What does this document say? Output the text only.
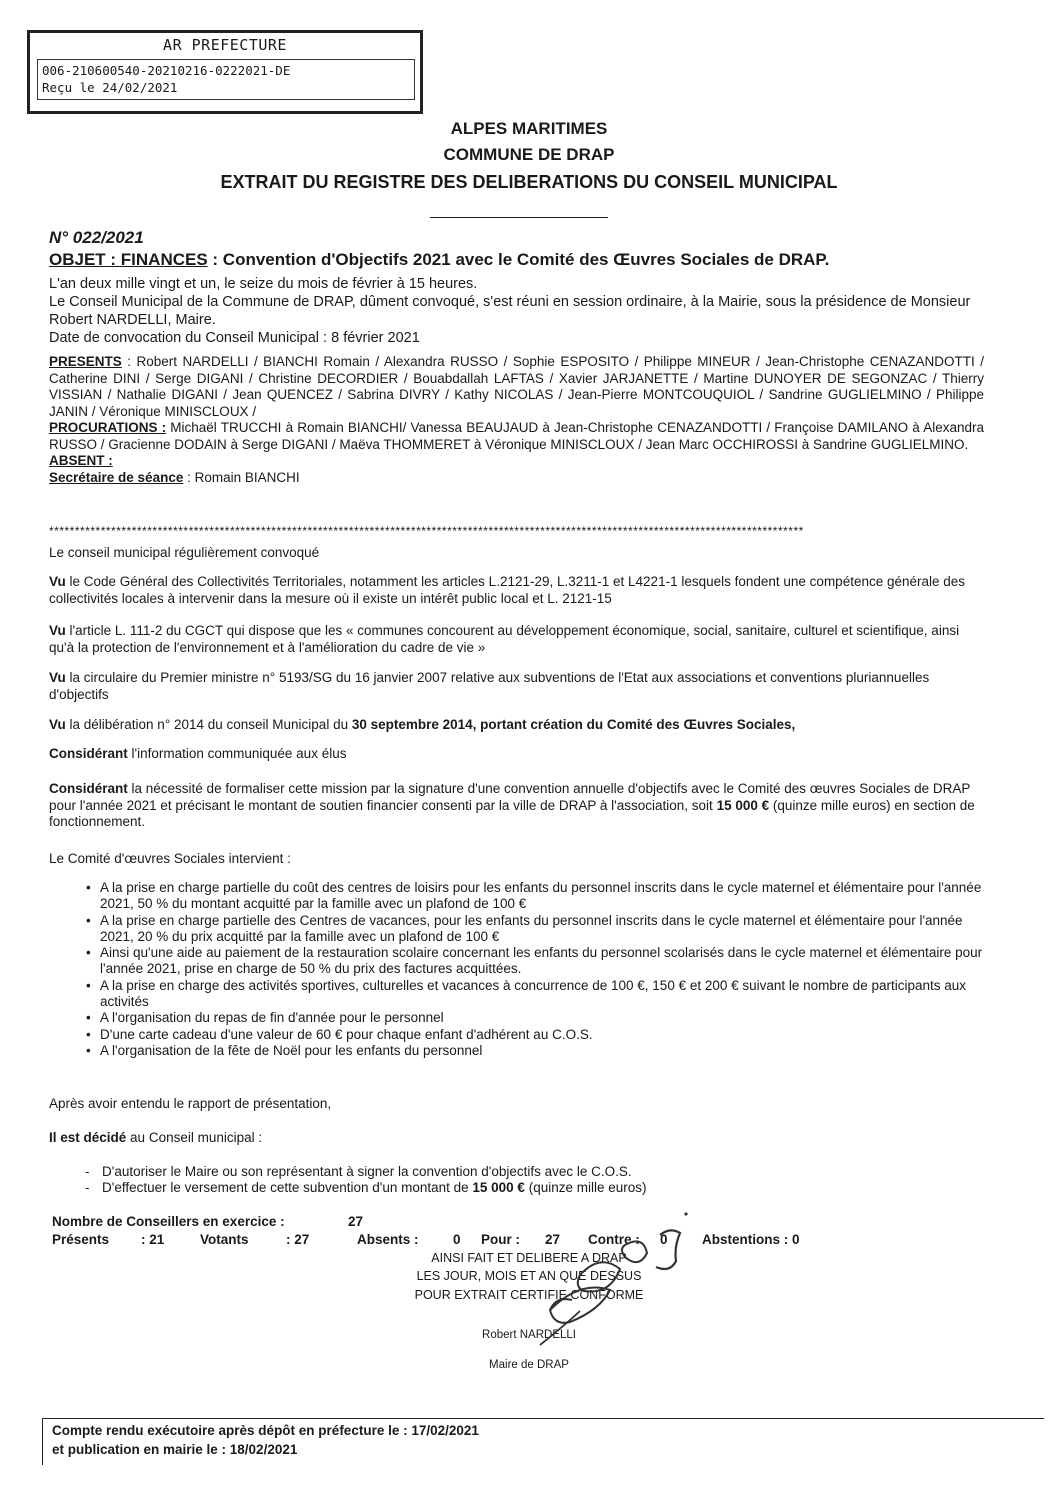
AR PREFECTURE
006-210600540-20210216-0222021-DE
Reçu le 24/02/2021
ALPES MARITIMES
COMMUNE DE DRAP
EXTRAIT DU REGISTRE DES DELIBERATIONS DU CONSEIL MUNICIPAL
N° 022/2021
OBJET : FINANCES : Convention d'Objectifs 2021 avec le Comité des Œuvres Sociales de DRAP.

L'an deux mille vingt et un, le seize du mois de février à 15 heures.

Le Conseil Municipal de la Commune de DRAP, dûment convoqué, s'est réuni en session ordinaire, à la Mairie, sous la présidence de Monsieur Robert NARDELLI, Maire.

Date de convocation du Conseil Municipal : 8 février 2021

PRESENTS : Robert NARDELLI / BIANCHI Romain / Alexandra RUSSO / Sophie ESPOSITO / Philippe MINEUR / Jean-Christophe CENAZANDOTTI / Catherine DINI / Serge DIGANI / Christine DECORDIER / Bouabdallah LAFTAS / Xavier JARJANETTE / Martine DUNOYER DE SEGONZAC / Thierry VISSIAN / Nathalie DIGANI / Jean QUENCEZ / Sabrina DIVRY / Kathy NICOLAS / Jean-Pierre MONTCOUQUIOL / Sandrine GUGLIELMINO / Philippe JANIN / Véronique MINISCLOUX /

PROCURATIONS : Michaël TRUCCHI à Romain BIANCHI/ Vanessa BEAUJAUD à Jean-Christophe CENAZANDOTTI / Françoise DAMILANO à Alexandra RUSSO / Gracienne DODAIN à Serge DIGANI / Maëva THOMMERET à Véronique MINISCLOUX / Jean Marc OCCHIROSSI à Sandrine GUGLIELMINO.

ABSENT :

Secrétaire de séance : Romain BIANCHI

**************************************************************************************************************************************************
Le conseil municipal régulièrement convoqué

Vu le Code Général des Collectivités Territoriales, notamment les articles L.2121-29, L.3211-1 et L4221-1 lesquels fondent une compétence générale des collectivités locales à intervenir dans la mesure où il existe un intérêt public local et L. 2121-15

Vu l'article L. 111-2 du CGCT qui dispose que les « communes concourent au développement économique, social, sanitaire, culturel et scientifique, ainsi qu'à la protection de l'environnement et à l'amélioration du cadre de vie »

Vu la circulaire du Premier ministre n° 5193/SG du 16 janvier 2007 relative aux subventions de l'Etat aux associations et conventions pluriannuelles d'objectifs

Vu la délibération n° 2014 du conseil Municipal du 30 septembre 2014, portant création du Comité des Œuvres Sociales,

Considérant l'information communiquée aux élus

Considérant la nécessité de formaliser cette mission par la signature d'une convention annuelle d'objectifs avec le Comité des œuvres Sociales de DRAP pour l'année 2021 et précisant le montant de soutien financier consenti par la ville de DRAP à l'association, soit 15 000 € (quinze mille euros) en section de fonctionnement.

Le Comité d'œuvres Sociales intervient :
• A la prise en charge partielle du coût des centres de loisirs pour les enfants du personnel inscrits dans le cycle maternel et élémentaire pour l'année 2021, 50 % du montant acquitté par la famille avec un plafond de 100 €
• A la prise en charge partielle des Centres de vacances, pour les enfants du personnel inscrits dans le cycle maternel et élémentaire pour l'année 2021, 20 % du prix acquitté par la famille avec un plafond de 100 €
• Ainsi qu'une aide au paiement de la restauration scolaire concernant les enfants du personnel scolarisés dans le cycle maternel et élémentaire pour l'année 2021, prise en charge de 50 % du prix des factures acquittées.
• A la prise en charge des activités sportives, culturelles et vacances à concurrence de 100 €, 150 € et 200 € suivant le nombre de participants aux activités
• A l'organisation du repas de fin d'année pour le personnel
• D'une carte cadeau d'une valeur de 60 € pour chaque enfant d'adhérent au C.O.S.
• A l'organisation de la fête de Noël pour les enfants du personnel
Après avoir entendu le rapport de présentation,

Il est décidé au Conseil municipal :

- D'autoriser le Maire ou son représentant à signer la convention d'objectifs avec le C.O.S.
- D'effectuer le versement de cette subvention d'un montant de 15 000 € (quinze mille euros)
Nombre de Conseillers en exercice :	27
Présents : 21	Votants	: 27	Absents :	0 Pour : 27 Contre : 0	Abstentions : 0
AINSI FAIT ET DELIBERE A DRAP
LES JOUR, MOIS ET AN QUE DESSUS
POUR EXTRAIT CERTIFIE CONFORME
Robert NARDELLI
Maire de DRAP
Compte rendu exécutoire après dépôt en préfecture le : 17/02/2021
et publication en mairie le : 18/02/2021
